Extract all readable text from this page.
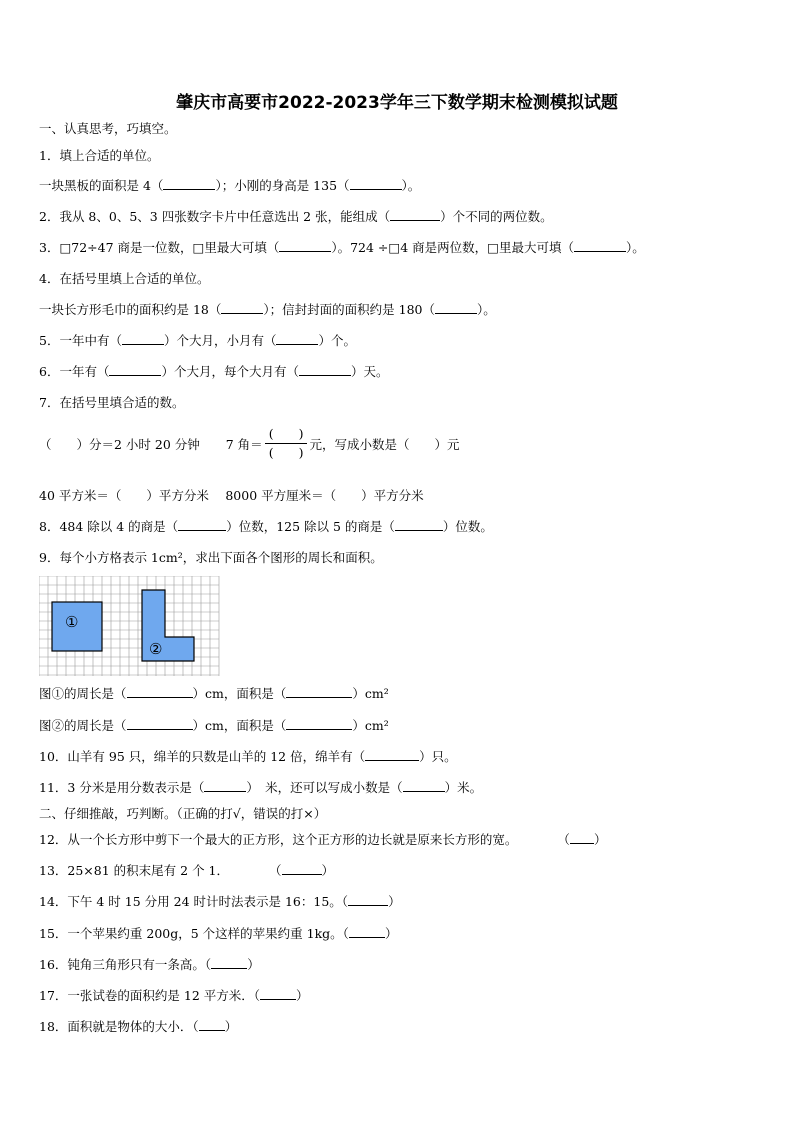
肇庆市高要市2022-2023学年三下数学期末检测模拟试题
一、认真思考，巧填空。
1．填上合适的单位。
一块黑板的面积是 4（	）；小刚的身高是 135（	）。
2．我从 8、0、5、3 四张数字卡片中任意选出 2 张，能组成（	）个不同的两位数。
3．□72÷47 商是一位数，□里最大可填（	）。724 ÷□4 商是两位数，□里最大可填（	）。
4．在括号里填上合适的单位。
一块长方形毛巾的面积约是 18（	）；信封封面的面积约是 180（	）。
5．一年中有（	）个大月，小月有（	）个。
6．一年有（	）个大月，每个大月有（	）天。
7．在括号里填合适的数。
（　　）分＝2 小时 20 分钟 7 角＝ $\frac{( )}{( )}$ 元，写成小数是（　　）元
40 平方米＝（　　）平方分米　 8000 平方厘米＝（　　）平方分米
8．484 除以 4 的商是（	）位数，125 除以 5 的商是（	）位数。
9．每个小方格表示 1cm²，求出下面各个图形的周长和面积。
①
②
图①的周长是（	）cm，面积是（	）cm²
图②的周长是（	）cm，面积是（	）cm²
10．山羊有 95 只，绵羊的只数是山羊的 12 倍，绵羊有（	）只。
11．3 分米是用分数表示是（	）　米，还可以写成小数是（	）米。
二、仔细推敲，巧判断。（正确的打√，错误的打×）
12．从一个长方形中剪下一个最大的正方形，这个正方形的边长就是原来长方形的宽。	（ ）
13．25×81 的积末尾有 2 个 1．	（	）
14．下午 4 时 15 分用 24 时计时法表示是 16：15。（	）
15．一个苹果约重 200g，5 个这样的苹果约重 1kg。（	）
16．钝角三角形只有一条高。（	）
17．一张试卷的面积约是 12 平方米．（	）
18．面积就是物体的大小．（ ）
